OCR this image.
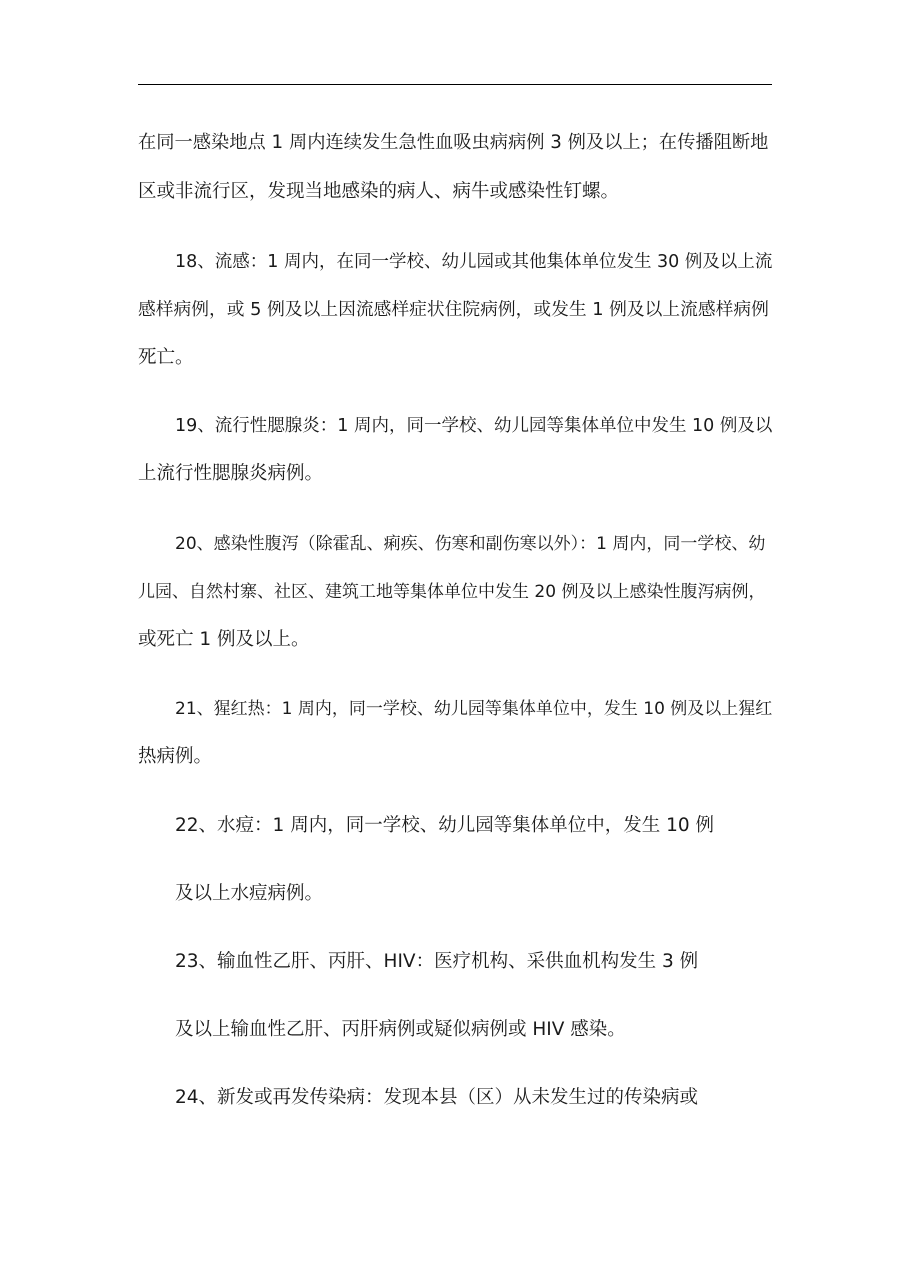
在同一感染地点 1 周内连续发生急性血吸虫病病例 3 例及以上；在传播阻断地
区或非流行区，发现当地感染的病人、病牛或感染性钉螺。
18、流感：1 周内，在同一学校、幼儿园或其他集体单位发生 30 例及以上流
感样病例，或 5 例及以上因流感样症状住院病例，或发生 1 例及以上流感样病例
死亡。
19、流行性腮腺炎：1 周内，同一学校、幼儿园等集体单位中发生 10 例及以
上流行性腮腺炎病例。
20、感染性腹泻（除霍乱、痢疾、伤寒和副伤寒以外）：1 周内，同一学校、幼
儿园、自然村寨、社区、建筑工地等集体单位中发生 20 例及以上感染性腹泻病例，
或死亡 1 例及以上。
21、猩红热：1 周内，同一学校、幼儿园等集体单位中，发生 10 例及以上猩红
热病例。
22、水痘：1 周内，同一学校、幼儿园等集体单位中，发生 10 例
及以上水痘病例。
23、输血性乙肝、丙肝、HIV：医疗机构、采供血机构发生 3 例
及以上输血性乙肝、丙肝病例或疑似病例或 HIV 感染。
24、新发或再发传染病：发现本县（区）从未发生过的传染病或
